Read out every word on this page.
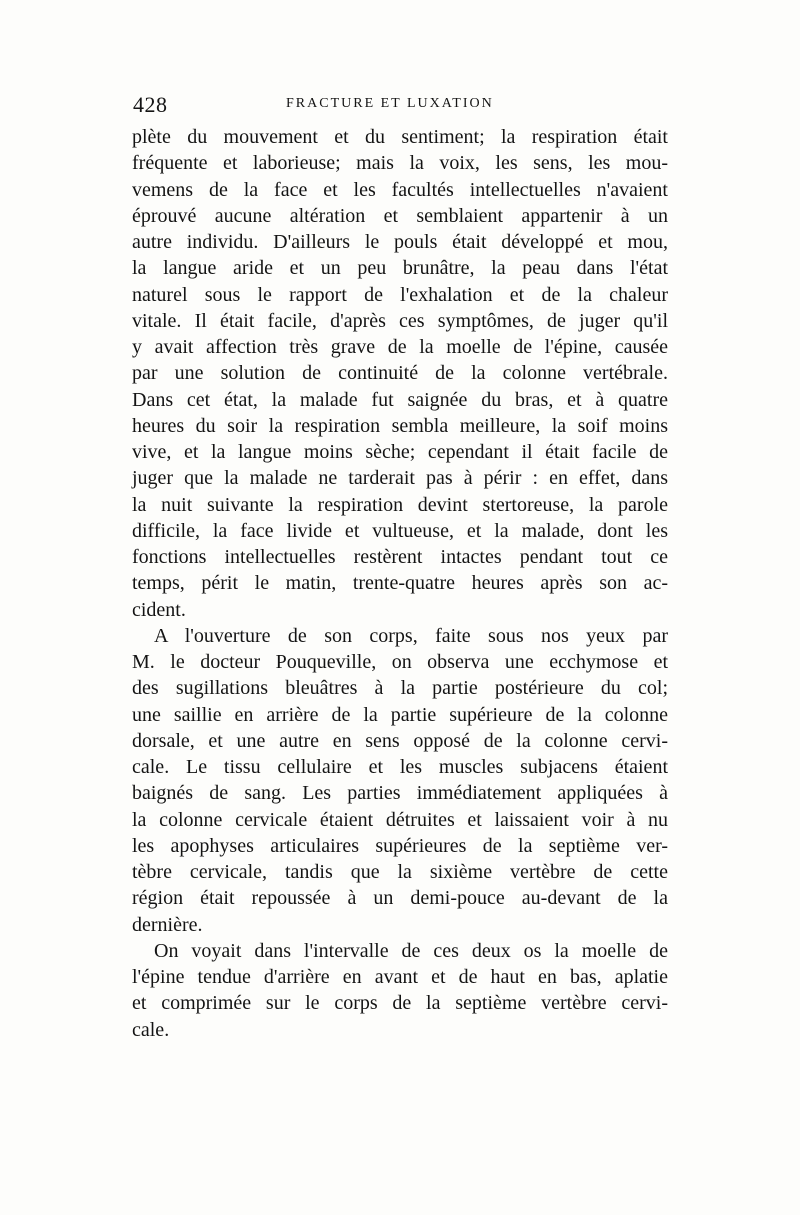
428	FRACTURE ET LUXATION
plète du mouvement et du sentiment; la respiration était
fréquente et laborieuse; mais la voix, les sens, les mou-
vemens de la face et les facultés intellectuelles n'avaient
éprouvé aucune altération et semblaient appartenir à un
autre individu. D'ailleurs le pouls était développé et mou,
la langue aride et un peu brunâtre, la peau dans l'état
naturel sous le rapport de l'exhalation et de la chaleur
vitale. Il était facile, d'après ces symptômes, de juger qu'il
y avait affection très grave de la moelle de l'épine, causée
par une solution de continuité de la colonne vertébrale.
Dans cet état, la malade fut saignée du bras, et à quatre
heures du soir la respiration sembla meilleure, la soif moins
vive, et la langue moins sèche; cependant il était facile de
juger que la malade ne tarderait pas à périr : en effet, dans
la nuit suivante la respiration devint stertoreuse, la parole
difficile, la face livide et vultueuse, et la malade, dont les
fonctions intellectuelles restèrent intactes pendant tout ce
temps, périt le matin, trente-quatre heures après son ac-
cident.
A l'ouverture de son corps, faite sous nos yeux par
M. le docteur Pouqueville, on observa une ecchymose et
des sugillations bleuâtres à la partie postérieure du col;
une saillie en arrière de la partie supérieure de la colonne
dorsale, et une autre en sens opposé de la colonne cervi-
cale. Le tissu cellulaire et les muscles subjacens étaient
baignés de sang. Les parties immédiatement appliquées à
la colonne cervicale étaient détruites et laissaient voir à nu
les apophyses articulaires supérieures de la septième ver-
tèbre cervicale, tandis que la sixième vertèbre de cette
région était repoussée à un demi-pouce au-devant de la
dernière.
On voyait dans l'intervalle de ces deux os la moelle de
l'épine tendue d'arrière en avant et de haut en bas, aplatie
et comprimée sur le corps de la septième vertèbre cervi-
cale.
